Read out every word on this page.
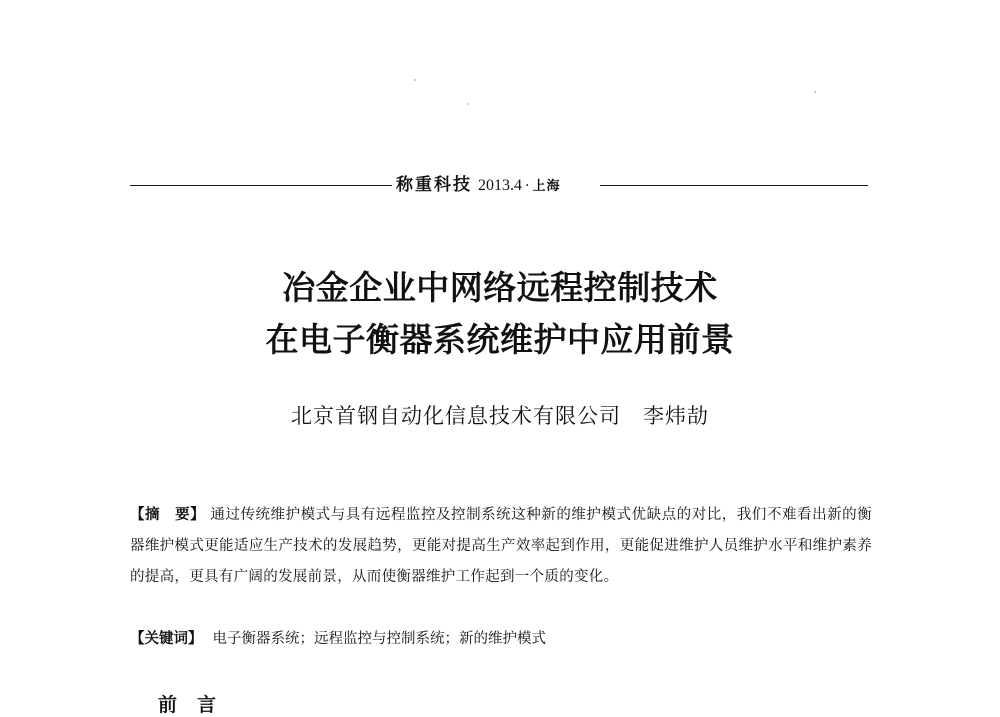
称重科技 2013.4 · 上海
冶金企业中网络远程控制技术
在电子衡器系统维护中应用前景
北京首钢自动化信息技术有限公司 李炜劼
【摘　要】 通过传统维护模式与具有远程监控及控制系统这种新的维护模式优缺点的对比，我们不难看出新的衡器维护模式更能适应生产技术的发展趋势，更能对提高生产效率起到作用，更能促进维护人员维护水平和维护素养的提高，更具有广阔的发展前景，从而使衡器维护工作起到一个质的变化。
【关键词】 电子衡器系统；远程监控与控制系统；新的维护模式
前言
